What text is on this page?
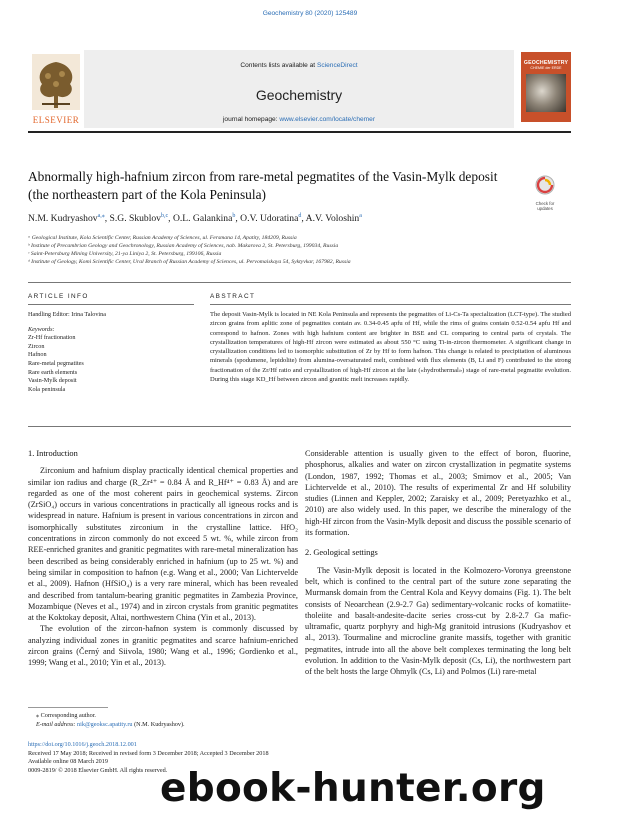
Geochemistry 80 (2020) 125489
Contents lists available at ScienceDirect
Geochemistry
journal homepage: www.elsevier.com/locate/chemer
ELSEVIER
GEOCHEMISTRY
CHEMIE der ERDE
Abnormally high-hafnium zircon from rare-metal pegmatites of the Vasin-Mylk deposit (the northeastern part of the Kola Peninsula)
Check for
updates
N.M. Kudryashov$^{a,⁎}$, S.G. Skublov$^{b,c}$, O.L. Galankina$^b$, O.V. Udoratina$^d$, A.V. Voloshin$^a$
ᵃ Geological Institute, Kola Scientific Center, Russian Academy of Sciences, ul. Fersmana 14, Apatity, 184209, Russia
ᵇ Institute of Precambrian Geology and Geochronology, Russian Academy of Sciences, nab. Makarova 2, St. Petersburg, 199034, Russia
ᶜ Saint-Petersburg Mining University, 21-ya Liniya 2, St. Petersburg, 199106, Russia
ᵈ Institute of Geology, Komi Scientific Center, Ural Branch of Russian Academy of Sciences, ul. Pervomaiskaya 54, Syktyvkar, 167982, Russia
ARTICLE INFO	ABSTRACT
Handling Editor: Irina Talovina
Keywords:
Zr-Hf fractionation
Zircon
Hafnon
Rare-metal pegmatites
Rare earth elements
Vasin-Mylk deposit
Kola peninsula
The deposit Vasin-Mylk is located in NE Kola Peninsula and represents the pegmatites of Li-Cs-Ta specialization (LCT-type). The studied zircon grains from aplitic zone of pegmatites contain av. 0.34-0.45 apfu of Hf, while the rims of grains contain 0.52-0.54 apfu Hf and correspond to hafnon. Zones with high hafnium content are brighter in BSE and CL comparing to central parts of crystals. The crystallization temperatures of high-Hf zircon were estimated as about 550 °C using Ti-in-zircon thermometer. A significant change in crystallization conditions led to isomorphic substitution of Zr by Hf to form hafnon. This change is related to precipitation of aluminous minerals (spodumene, lepidolite) from alumina-oversaturated melt, combined with flux elements (B, Li and F) contributed to the strong fractionation of the Zr/Hf ratio and crystallization of high-Hf zircon at the late («hydrothermal») stage of rare-metal pegmatite evolution. During this stage KD_Hf between zircon and granitic melt increases rapidly.
1. Introduction

Zirconium and hafnium display practically identical chemical properties and similar ion radius and charge (R_Zr⁴⁺ = 0.84 Å and R_Hf⁴⁺ = 0.83 Å) and are regarded as one of the most coherent pairs in geochemical systems. Zircon (ZrSiO₄) occurs in various concentrations in practically all igneous rocks and is widespread in nature. Hafnium is present in various concentrations in zircon and isomorphically substitutes zirconium in the crystalline lattice. HfO₂ concentrations in zircon commonly do not exceed 5 wt. %, while zircon from REE-enriched granites and granitic pegmatites with rare-metal mineralization has been described as being considerably enriched in hafnium (up to 25 wt. %) and being similar in composition to hafnon (e.g. Wang et al., 2000; Van Lichtervelde et al., 2009). Hafnon (HfSiO₄) is a very rare mineral, which has been revealed and described from tantalum-bearing granitic pegmatites in Zambezia Province, Mozambique (Neves et al., 1974) and in zircon crystals from granitic pegmatites at the Koktokay deposit, Altai, northwestern China (Yin et al., 2013).

The evolution of the zircon-hafnon system is commonly discussed by analyzing individual zones in granitic pegmatites and scarce hafnium-enriched zircon grains (Černý and Siivola, 1980; Wang et al., 1996; Gordienko et al., 1999; Wang et al., 2010; Yin et al., 2013).

Considerable attention is usually given to the effect of boron, fluorine, phosphorus, alkalies and water on zircon crystallization in pegmatite systems (London, 1987, 1992; Thomas et al., 2003; Smirnov et al., 2005; Van Lichtervelde et al., 2010). The results of experimental Zr and Hf solubility studies (Linnen and Keppler, 2002; Zaraisky et al., 2009; Peretyazhko et al., 2010) are also widely used. In this paper, we describe the mineralogy of the high-Hf zircon from the Vasin-Mylk deposit and discuss the possible scenario of its formation.

2. Geological settings

The Vasin-Mylk deposit is located in the Kolmozero-Voronya greenstone belt, which is confined to the central part of the suture zone separating the Murmansk domain from the Central Kola and Keyvy domains (Fig. 1). The belt consists of Neoarchean (2.9-2.7 Ga) sedimentary-volcanic rocks of komatiite-tholeiite and basalt-andesite-dacite series cross-cut by 2.8-2.7 Ga mafic-ultramafic, quartz porphyry and high-Mg granitoid intrusions (Kudryashov et al., 2013). Tourmaline and microcline granite massifs, together with granitic pegmatites, intrude into all the above belt complexes terminating the long belt evolution. In addition to the Vasin-Mylk deposit (Cs, Li), the northwestern part of the belt hosts the large Ohmylk (Cs, Li) and Polmos (Li) rare-metal

⁎ Corresponding author.
E-mail address: nik@geoksc.apatity.ru (N.M. Kudryashov).
https://doi.org/10.1016/j.geoch.2018.12.001
Received 17 May 2018; Received in revised form 3 December 2018; Accepted 3 December 2018
Available online 08 March 2019
0009-2819/ © 2018 Elsevier GmbH. All rights reserved.
ebook-hunter.org
